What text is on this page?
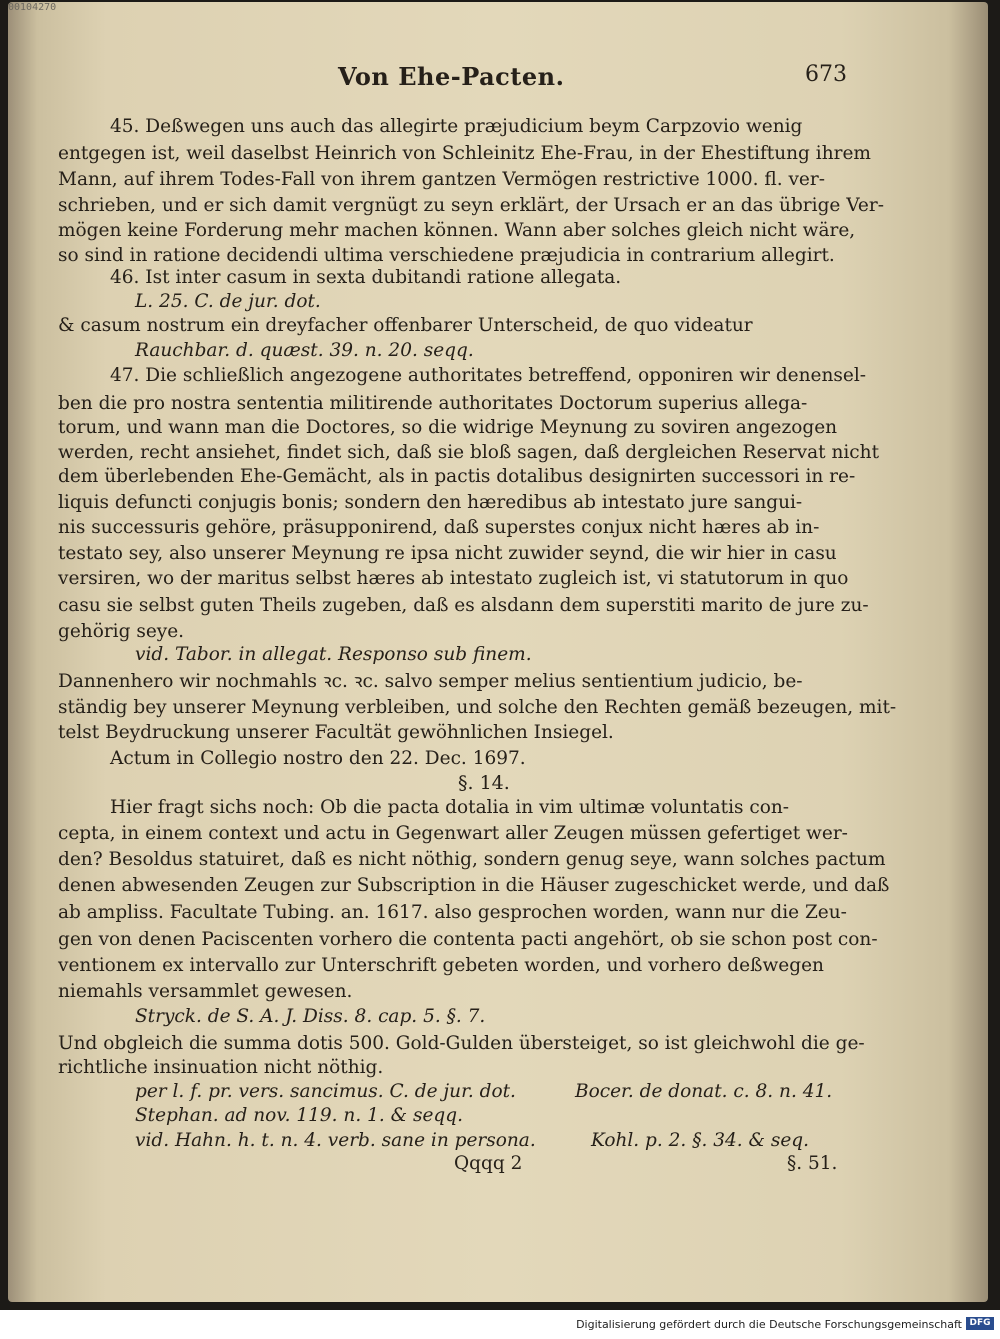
00104270
Von Ehe-Pacten.	673
45. Deßwegen uns auch das allegirte præjudicium beym Carpzovio wenig
entgegen ist, weil daselbst Heinrich von Schleinitz Ehe-Frau, in der Ehestiftung ihrem
Mann, auf ihrem Todes-Fall von ihrem gantzen Vermögen restrictive 1000. fl. ver-
schrieben, und er sich damit vergnügt zu seyn erklärt, der Ursach er an das übrige Ver-
mögen keine Forderung mehr machen können. Wann aber solches gleich nicht wäre,
so sind in ratione decidendi ultima verschiedene præjudicia in contrarium allegirt.
46. Ist inter casum in sexta dubitandi ratione allegata.
L. 25. C. de jur. dot.
& casum nostrum ein dreyfacher offenbarer Unterscheid, de quo videatur
Rauchbar. d. quæst. 39. n. 20. seqq.
47. Die schließlich angezogene authoritates betreffend, opponiren wir denensel-
ben die pro nostra sententia militirende authoritates Doctorum superius allega-
torum, und wann man die Doctores, so die widrige Meynung zu soviren angezogen
werden, recht ansiehet, findet sich, daß sie bloß sagen, daß dergleichen Reservat nicht
dem überlebenden Ehe-Gemächt, als in pactis dotalibus designirten successori in re-
liquis defuncti conjugis bonis; sondern den hæredibus ab intestato jure sangui-
nis successuris gehöre, präsupponirend, daß superstes conjux nicht hæres ab in-
testato sey, also unserer Meynung re ipsa nicht zuwider seynd, die wir hier in casu
versiren, wo der maritus selbst hæres ab intestato zugleich ist, vi statutorum in quo
casu sie selbst guten Theils zugeben, daß es alsdann dem superstiti marito de jure zu-
gehörig seye.
vid. Tabor. in allegat. Responso sub finem.
Dannenhero wir nochmahls ꝛc. ꝛc. salvo semper melius sentientium judicio, be-
ständig bey unserer Meynung verbleiben, und solche den Rechten gemäß bezeugen, mit-
telst Beydruckung unserer Facultät gewöhnlichen Insiegel.
Actum in Collegio nostro den 22. Dec. 1697.
§. 14.
Hier fragt sichs noch: Ob die pacta dotalia in vim ultimæ voluntatis con-
cepta, in einem context und actu in Gegenwart aller Zeugen müssen gefertiget wer-
den? Besoldus statuiret, daß es nicht nöthig, sondern genug seye, wann solches pactum
denen abwesenden Zeugen zur Subscription in die Häuser zugeschicket werde, und daß
ab ampliss. Facultate Tubing. an. 1617. also gesprochen worden, wann nur die Zeu-
gen von denen Paciscenten vorhero die contenta pacti angehört, ob sie schon post con-
ventionem ex intervallo zur Unterschrift gebeten worden, und vorhero deßwegen
niemahls versammlet gewesen.
Stryck. de S. A. J. Diss. 8. cap. 5. §. 7.
Und obgleich die summa dotis 500. Gold-Gulden übersteiget, so ist gleichwohl die ge-
richtliche insinuation nicht nöthig.
per l. f. pr. vers. sancimus. C. de jur. dot.	Bocer. de donat. c. 8. n. 41.
Stephan. ad nov. 119. n. 1. & seqq.
vid. Hahn. h. t. n. 4. verb. sane in persona.	Kohl. p. 2. §. 34. & seq.
Qqqq 2	§. 51.
Digitalisierung gefördert durch die Deutsche Forschungsgemeinschaft DFG
